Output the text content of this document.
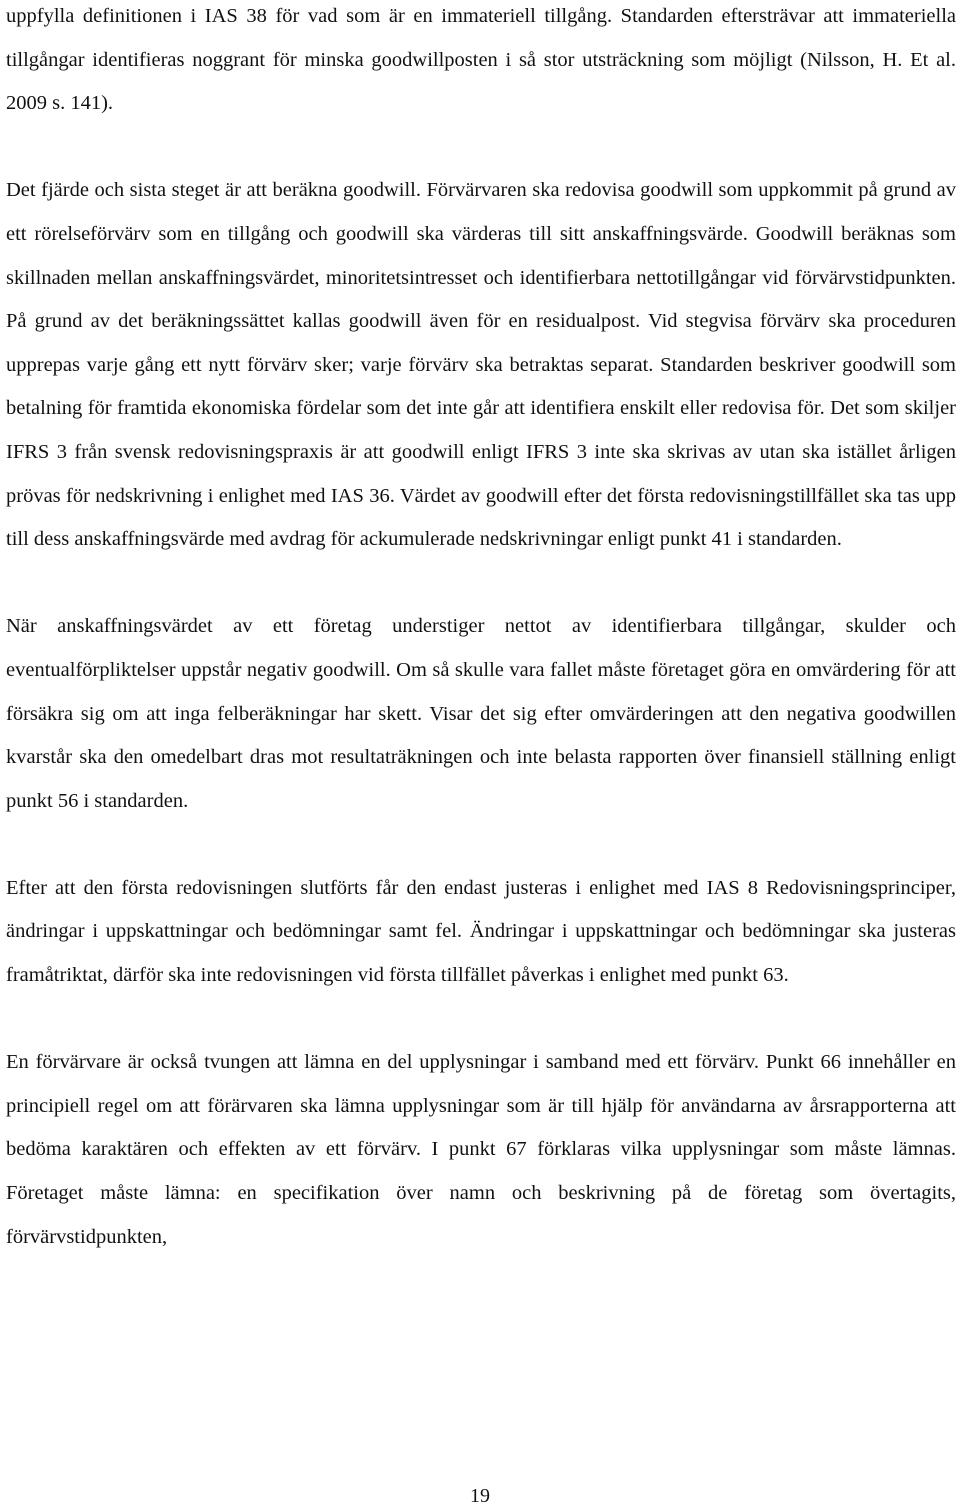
uppfylla definitionen i IAS 38 för vad som är en immateriell tillgång. Standarden eftersträvar att immateriella tillgångar identifieras noggrant för minska goodwillposten i så stor utsträckning som möjligt (Nilsson, H. Et al. 2009 s. 141).

Det fjärde och sista steget är att beräkna goodwill. Förvärvaren ska redovisa goodwill som uppkommit på grund av ett rörelseförvärv som en tillgång och goodwill ska värderas till sitt anskaffningsvärde. Goodwill beräknas som skillnaden mellan anskaffningsvärdet, minoritetsintresset och identifierbara nettotillgångar vid förvärvstidpunkten. På grund av det beräkningssättet kallas goodwill även för en residualpost. Vid stegvisa förvärv ska proceduren upprepas varje gång ett nytt förvärv sker; varje förvärv ska betraktas separat. Standarden beskriver goodwill som betalning för framtida ekonomiska fördelar som det inte går att identifiera enskilt eller redovisa för. Det som skiljer IFRS 3 från svensk redovisningspraxis är att goodwill enligt IFRS 3 inte ska skrivas av utan ska istället årligen prövas för nedskrivning i enlighet med IAS 36. Värdet av goodwill efter det första redovisningstillfället ska tas upp till dess anskaffningsvärde med avdrag för ackumulerade nedskrivningar enligt punkt 41 i standarden.

När anskaffningsvärdet av ett företag understiger nettot av identifierbara tillgångar, skulder och eventualförpliktelser uppstår negativ goodwill. Om så skulle vara fallet måste företaget göra en omvärdering för att försäkra sig om att inga felberäkningar har skett. Visar det sig efter omvärderingen att den negativa goodwillen kvarstår ska den omedelbart dras mot resultaträkningen och inte belasta rapporten över finansiell ställning enligt punkt 56 i standarden.

Efter att den första redovisningen slutförts får den endast justeras i enlighet med IAS 8 Redovisningsprinciper, ändringar i uppskattningar och bedömningar samt fel. Ändringar i uppskattningar och bedömningar ska justeras framåtriktat, därför ska inte redovisningen vid första tillfället påverkas i enlighet med punkt 63.

En förvärvare är också tvungen att lämna en del upplysningar i samband med ett förvärv. Punkt 66 innehåller en principiell regel om att förärvaren ska lämna upplysningar som är till hjälp för användarna av årsrapporterna att bedöma karaktären och effekten av ett förvärv. I punkt 67 förklaras vilka upplysningar som måste lämnas. Företaget måste lämna: en specifikation över namn och beskrivning på de företag som övertagits, förvärvstidpunkten,

19
